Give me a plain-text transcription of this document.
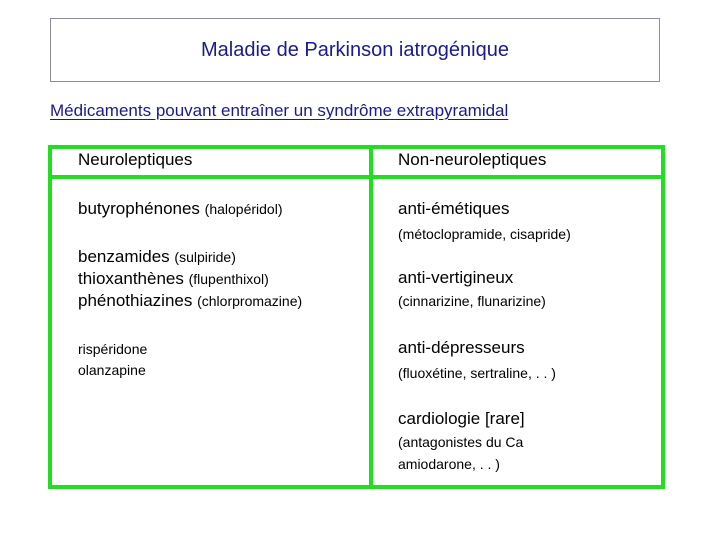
Maladie de Parkinson iatrogénique
Médicaments pouvant entraîner un syndrôme extrapyramidal
Neuroleptiques	Non-neuroleptiques
butyrophénones (halopéridol)
benzamides (sulpiride)
thioxanthènes (flupenthixol)
phénothiazines (chlorpromazine)
rispéridone
olanzapine
anti-émétiques
(métoclopramide, cisapride)
anti-vertigineux
(cinnarizine, flunarizine)
anti-dépresseurs
(fluoxétine, sertraline, . . )
cardiologie [rare]
(antagonistes du Ca
amiodarone, . . )
